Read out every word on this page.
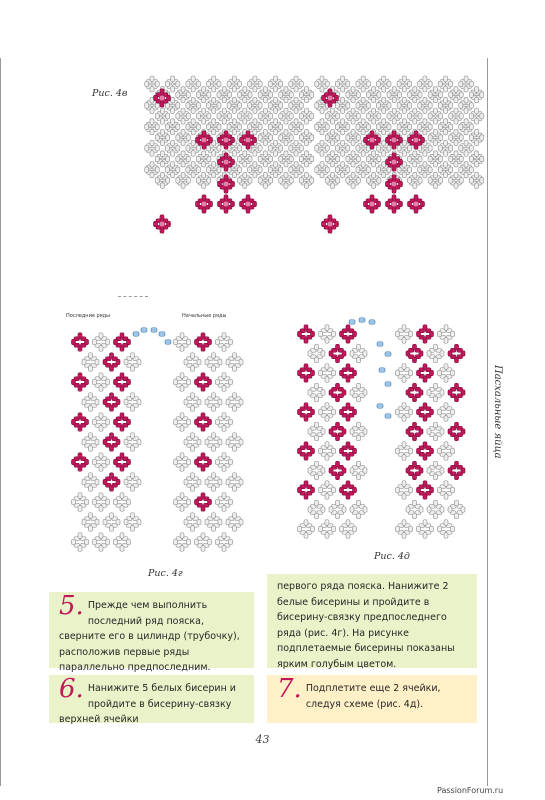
Рис. 4в
Последние ряды	Начальные ряды
Рис. 4г
Рис. 4д
Пасхальные яйца
5. Прежде чем выполнить последний ряд пояска, сверните его в цилиндр (трубочку), расположив первые ряды параллельно предпоследним.
первого ряда пояска. Нанижите 2 белые бисерины и пройдите в бисерину-связку предпоследнего ряда (рис. 4г). На рисунке подплетаемые бисерины показаны ярким голубым цветом.
6. Нанижите 5 белых бисерин и пройдите в бисерину-связку верхней ячейки
7. Подплетите еще 2 ячейки, следуя схеме (рис. 4д).
43
PassionForum.ru
